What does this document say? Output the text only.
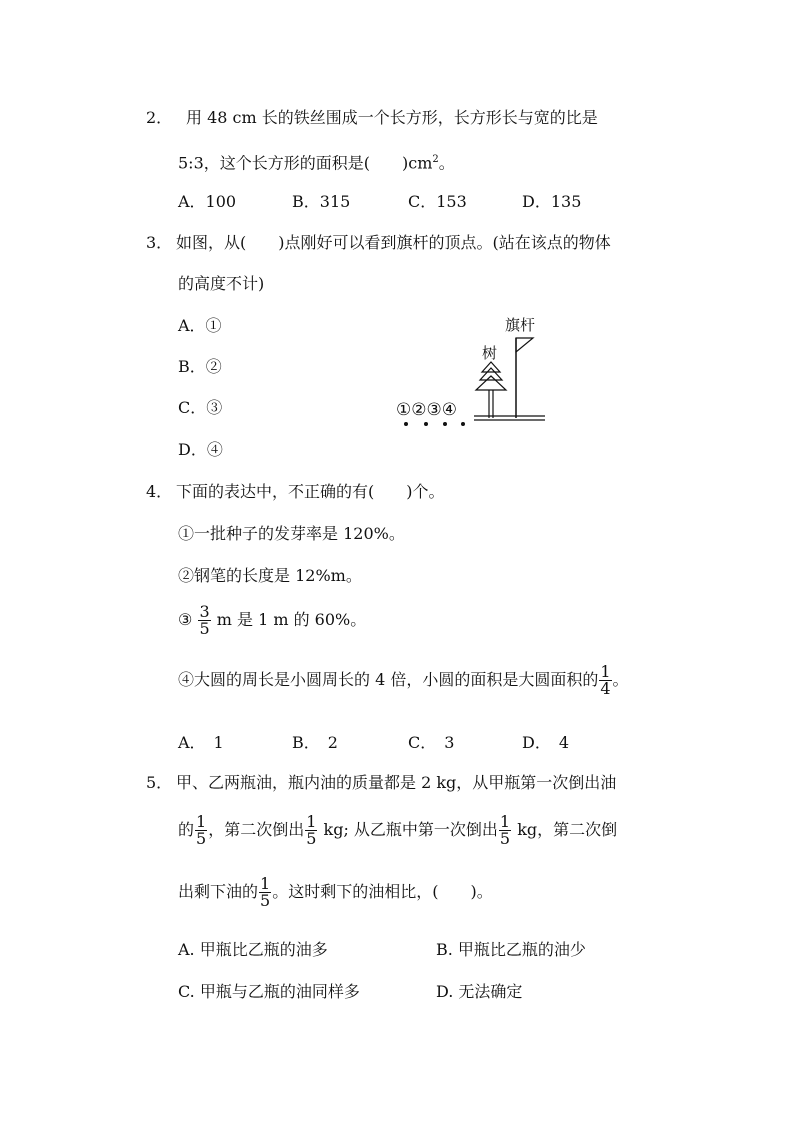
2． 用 48 cm 长的铁丝围成一个长方形，长方形长与宽的比是
5:3，这个长方形的面积是(　　)$cm^2$。
A．100	B．315	C．153	D．135
3． 如图，从(　　)点刚好可以看到旗杆的顶点。(站在该点的物体
的高度不计)
A．①
B．②
C．③
D．④
旗杆
树
①②③④
4． 下面的表达中，不正确的有(　　)个。
①一批种子的发芽率是 120%。
②钢笔的长度是 12%m。
③ $\frac{3}{5}$ m 是 1 m 的 60%。
④大圆的周长是小圆周长的 4 倍，小圆的面积是大圆面积的 $\frac{1}{4}$ 。
A．　1	B．　2	C．　3	D．　4
5． 甲、乙两瓶油，瓶内油的质量都是 2 kg，从甲瓶第一次倒出油
的 $\frac{1}{5}$ ，第二次倒出 $\frac{1}{5}$ kg; 从乙瓶中第一次倒出 $\frac{1}{5}$ kg，第二次倒
出剩下油的 $\frac{1}{5}$ 。这时剩下的油相比，(　　)。
A. 甲瓶比乙瓶的油多	B. 甲瓶比乙瓶的油少
C. 甲瓶与乙瓶的油同样多	D. 无法确定
